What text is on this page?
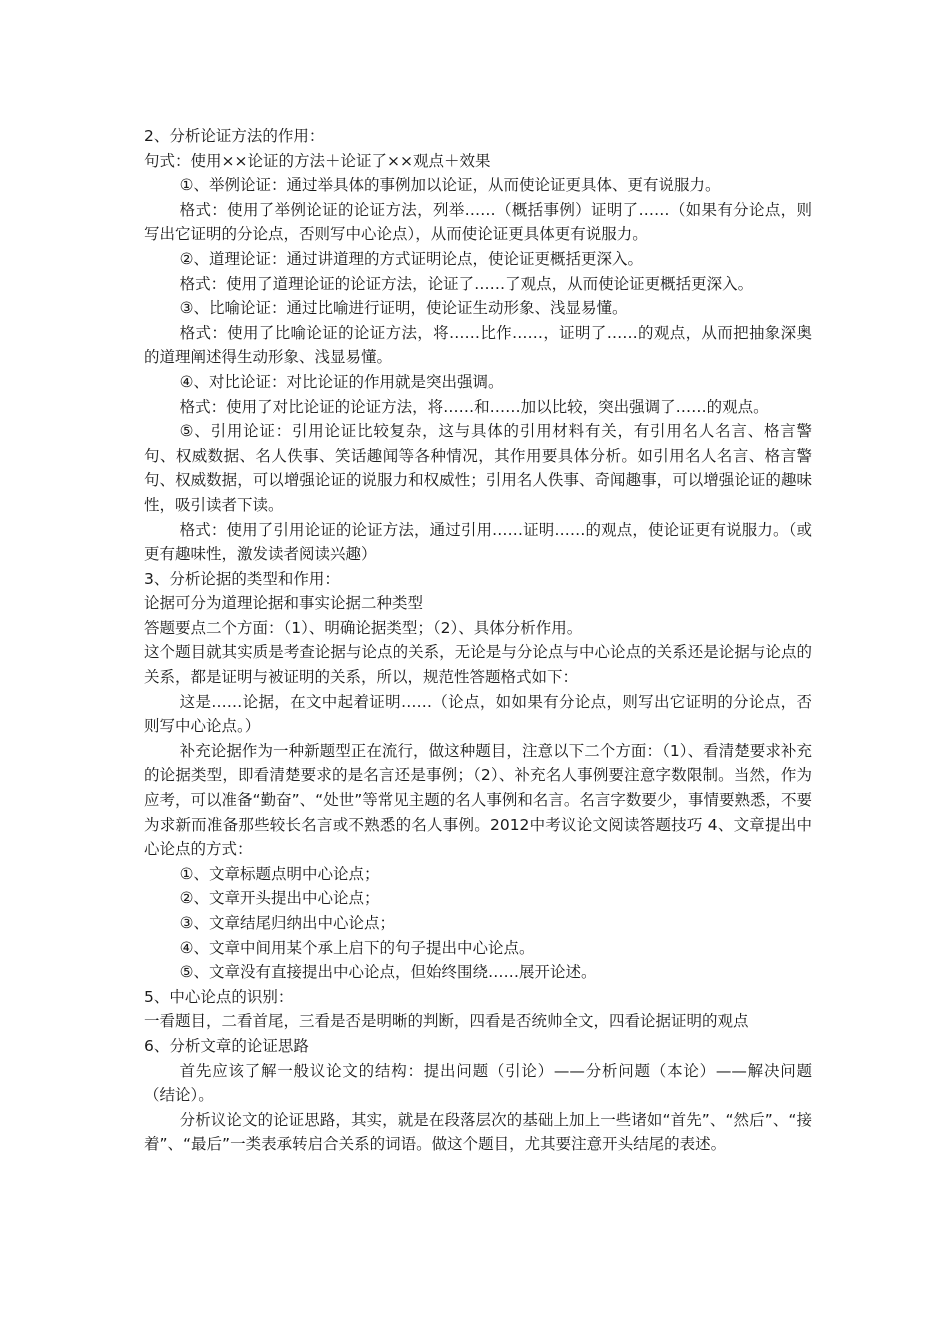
2、分析论证方法的作用：

句式：使用××论证的方法＋论证了××观点＋效果

①、举例论证：通过举具体的事例加以论证，从而使论证更具体、更有说服力。

格式：使用了举例论证的论证方法，列举……（概括事例）证明了……（如果有分论点，则写出它证明的分论点，否则写中心论点），从而使论证更具体更有说服力。

②、道理论证：通过讲道理的方式证明论点，使论证更概括更深入。

格式：使用了道理论证的论证方法，论证了……了观点，从而使论证更概括更深入。

③、比喻论证：通过比喻进行证明，使论证生动形象、浅显易懂。

格式：使用了比喻论证的论证方法，将……比作……，证明了……的观点，从而把抽象深奥的道理阐述得生动形象、浅显易懂。

④、对比论证：对比论证的作用就是突出强调。

格式：使用了对比论证的论证方法，将……和……加以比较，突出强调了……的观点。

⑤、引用论证：引用论证比较复杂，这与具体的引用材料有关，有引用名人名言、格言警句、权威数据、名人佚事、笑话趣闻等各种情况，其作用要具体分析。如引用名人名言、格言警句、权威数据，可以增强论证的说服力和权威性；引用名人佚事、奇闻趣事，可以增强论证的趣味性，吸引读者下读。

格式：使用了引用论证的论证方法，通过引用……证明……的观点，使论证更有说服力。（或更有趣味性，激发读者阅读兴趣）

3、分析论据的类型和作用：

论据可分为道理论据和事实论据二种类型

答题要点二个方面：（1）、明确论据类型；（2）、具体分析作用。

这个题目就其实质是考查论据与论点的关系，无论是与分论点与中心论点的关系还是论据与论点的关系，都是证明与被证明的关系，所以，规范性答题格式如下：

这是……论据，在文中起着证明……（论点，如如果有分论点，则写出它证明的分论点，否则写中心论点。）

补充论据作为一种新题型正在流行，做这种题目，注意以下二个方面：（1）、看清楚要求补充的论据类型，即看清楚要求的是名言还是事例；（2）、补充名人事例要注意字数限制。当然，作为应考，可以准备“勤奋”、“处世”等常见主题的名人事例和名言。名言字数要少，事情要熟悉，不要为求新而准备那些较长名言或不熟悉的名人事例。2012中考议论文阅读答题技巧 4、文章提出中心论点的方式：

①、文章标题点明中心论点；

②、文章开头提出中心论点；

③、文章结尾归纳出中心论点；

④、文章中间用某个承上启下的句子提出中心论点。

⑤、文章没有直接提出中心论点，但始终围绕……展开论述。

5、中心论点的识别：

一看题目，二看首尾，三看是否是明晰的判断，四看是否统帅全文，四看论据证明的观点

6、分析文章的论证思路

首先应该了解一般议论文的结构：提出问题（引论）——分析问题（本论）——解决问题（结论）。

分析议论文的论证思路，其实，就是在段落层次的基础上加上一些诸如“首先”、“然后”、“接着”、“最后”一类表承转启合关系的词语。做这个题目，尤其要注意开头结尾的表述。
